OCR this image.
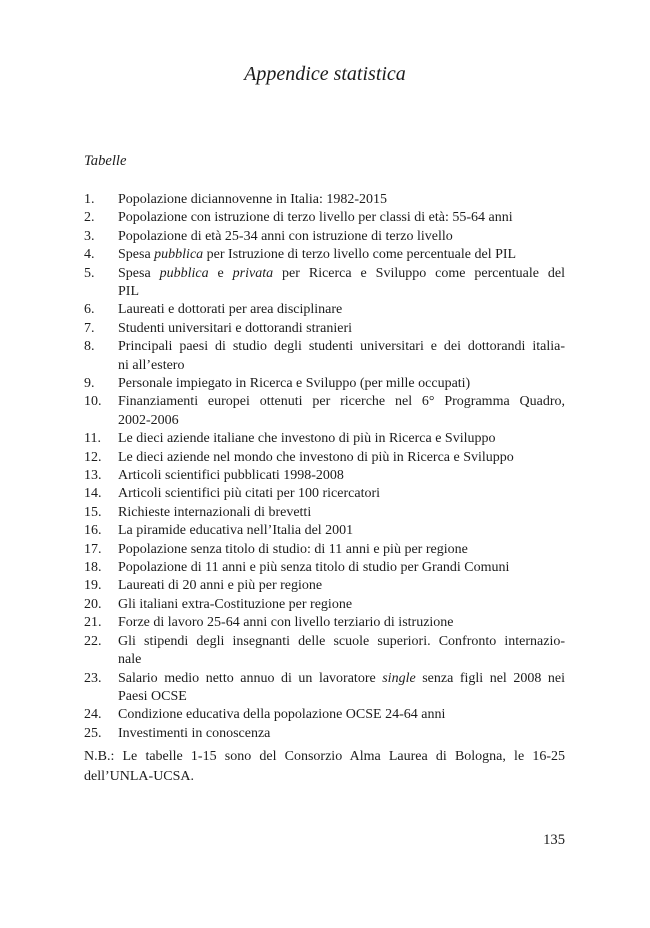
Appendice statistica
Tabelle
1. Popolazione diciannovenne in Italia: 1982-2015
2. Popolazione con istruzione di terzo livello per classi di età: 55-64 anni
3. Popolazione di età 25-34 anni con istruzione di terzo livello
4. Spesa pubblica per Istruzione di terzo livello come percentuale del PIL
5. Spesa pubblica e privata per Ricerca e Sviluppo come percentuale del
PIL
6. Laureati e dottorati per area disciplinare
7. Studenti universitari e dottorandi stranieri
8. Principali paesi di studio degli studenti universitari e dei dottorandi italia-
ni all’estero
9. Personale impiegato in Ricerca e Sviluppo (per mille occupati)
10. Finanziamenti europei ottenuti per ricerche nel 6° Programma Quadro,
2002-2006
11. Le dieci aziende italiane che investono di più in Ricerca e Sviluppo
12. Le dieci aziende nel mondo che investono di più in Ricerca e Sviluppo
13. Articoli scientifici pubblicati 1998-2008
14. Articoli scientifici più citati per 100 ricercatori
15. Richieste internazionali di brevetti
16. La piramide educativa nell’Italia del 2001
17. Popolazione senza titolo di studio: di 11 anni e più per regione
18. Popolazione di 11 anni e più senza titolo di studio per Grandi Comuni
19. Laureati di 20 anni e più per regione
20. Gli italiani extra-Costituzione per regione
21. Forze di lavoro 25-64 anni con livello terziario di istruzione
22. Gli stipendi degli insegnanti delle scuole superiori. Confronto internazio-
nale
23. Salario medio netto annuo di un lavoratore single senza figli nel 2008 nei
Paesi OCSE
24. Condizione educativa della popolazione OCSE 24-64 anni
25. Investimenti in conoscenza
N.B.: Le tabelle 1-15 sono del Consorzio Alma Laurea di Bologna, le 16-25
dell’UNLA-UCSA.
135
